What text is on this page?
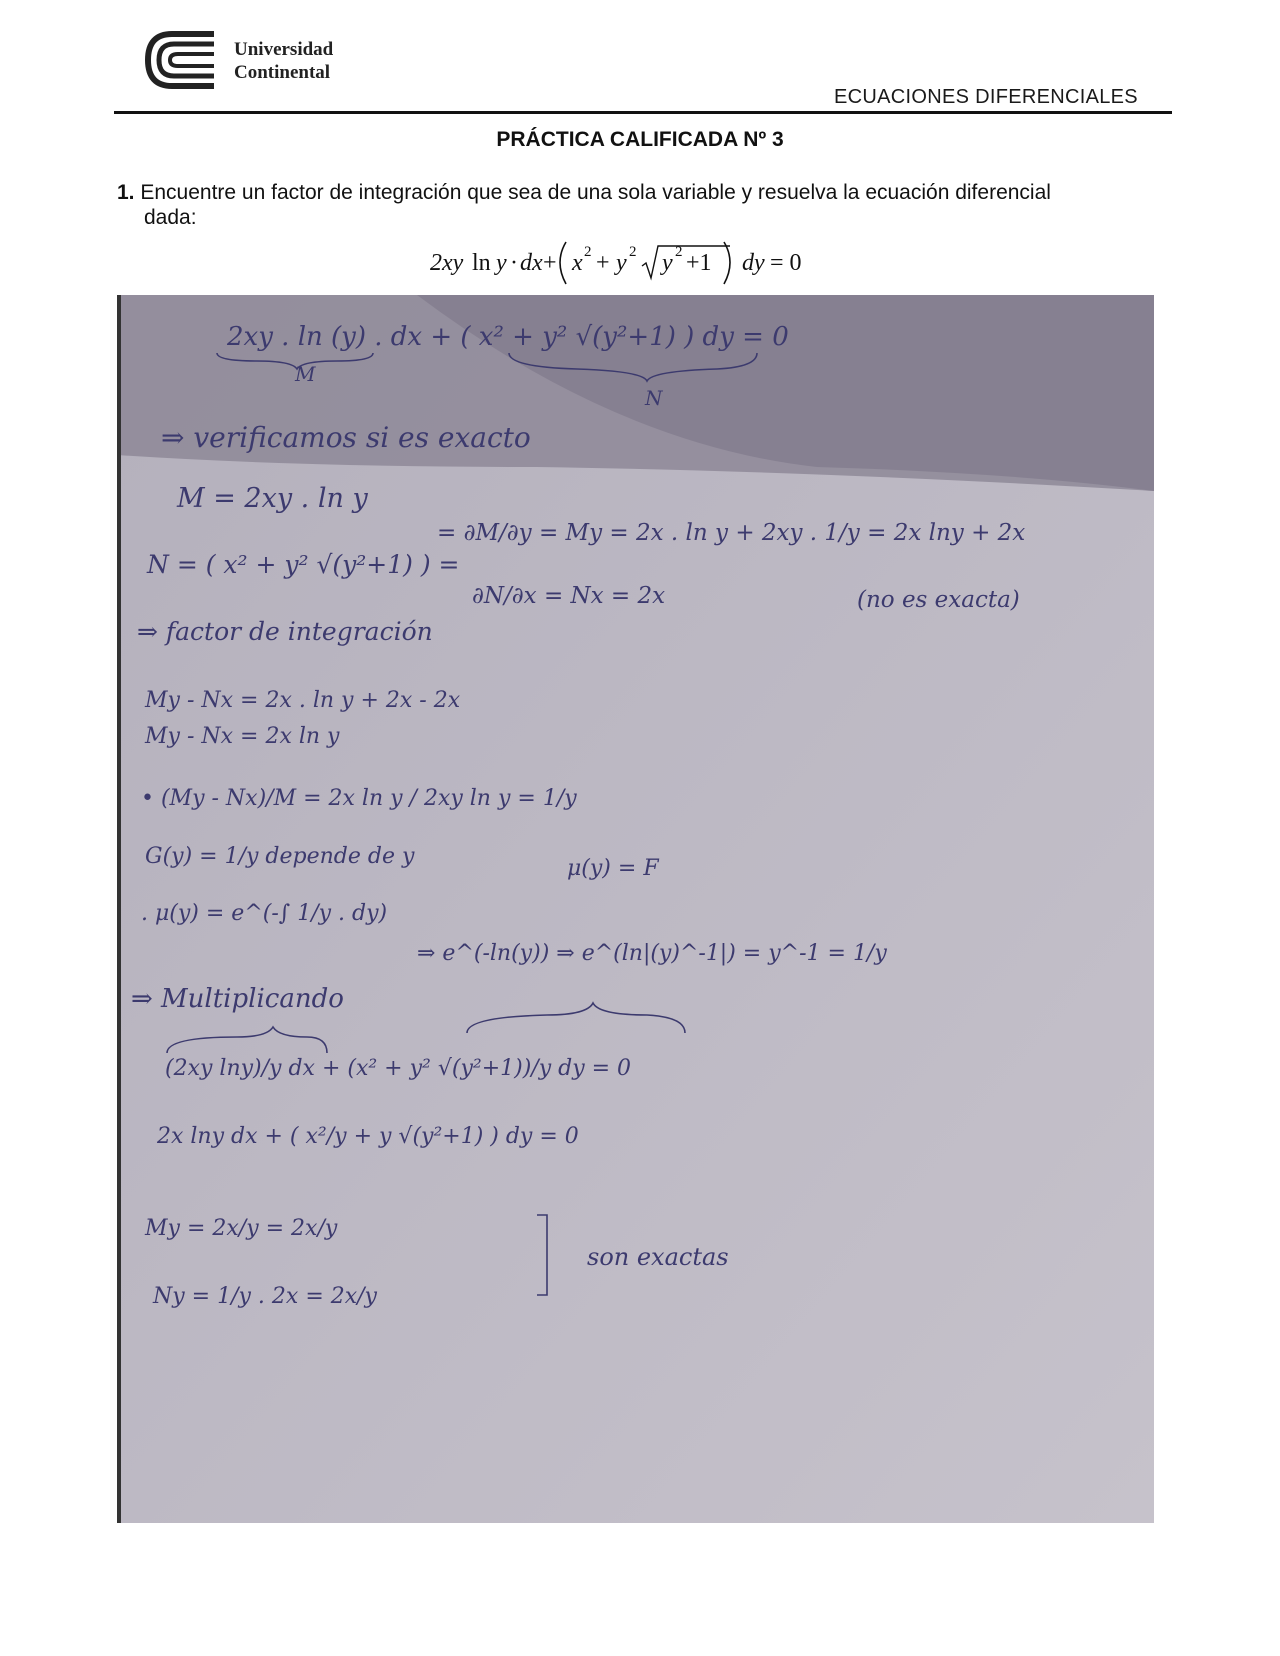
Universidad
Continental
ECUACIONES DIFERENCIALES
PRÁCTICA CALIFICADA Nº 3
1. Encuentre un factor de integración que sea de una sola variable y resuelva la ecuación diferencial
dada:
2xy ln y · dx + x 2 + y 2 y 2 +1 dy = 0
2xy . ln (y) . dx + ( x² + y² √(y²+1) ) dy = 0
M
N
⇒ verificamos si es exacto
M = 2xy . ln y
= ∂M/∂y = My = 2x . ln y + 2xy . 1/y = 2x lny + 2x
N = ( x² + y² √(y²+1) ) =
∂N/∂x = Nx = 2x	(no es exacta)
⇒ factor de integración
My - Nx = 2x . ln y + 2x - 2x
My - Nx = 2x ln y
• (My - Nx)/M = 2x ln y / 2xy ln y = 1/y
G(y) = 1/y depende de y	μ(y) = F
. μ(y) = e^(-∫ 1/y . dy)
⇒ e^(-ln(y)) ⇒ e^(ln|(y)^-1|) = y^-1 = 1/y
⇒ Multiplicando
(2xy lny)/y dx + (x² + y² √(y²+1))/y dy = 0
2x lny dx + ( x²/y + y √(y²+1) ) dy = 0
My = 2x/y = 2x/y
Ny = 1/y . 2x = 2x/y
son exactas
